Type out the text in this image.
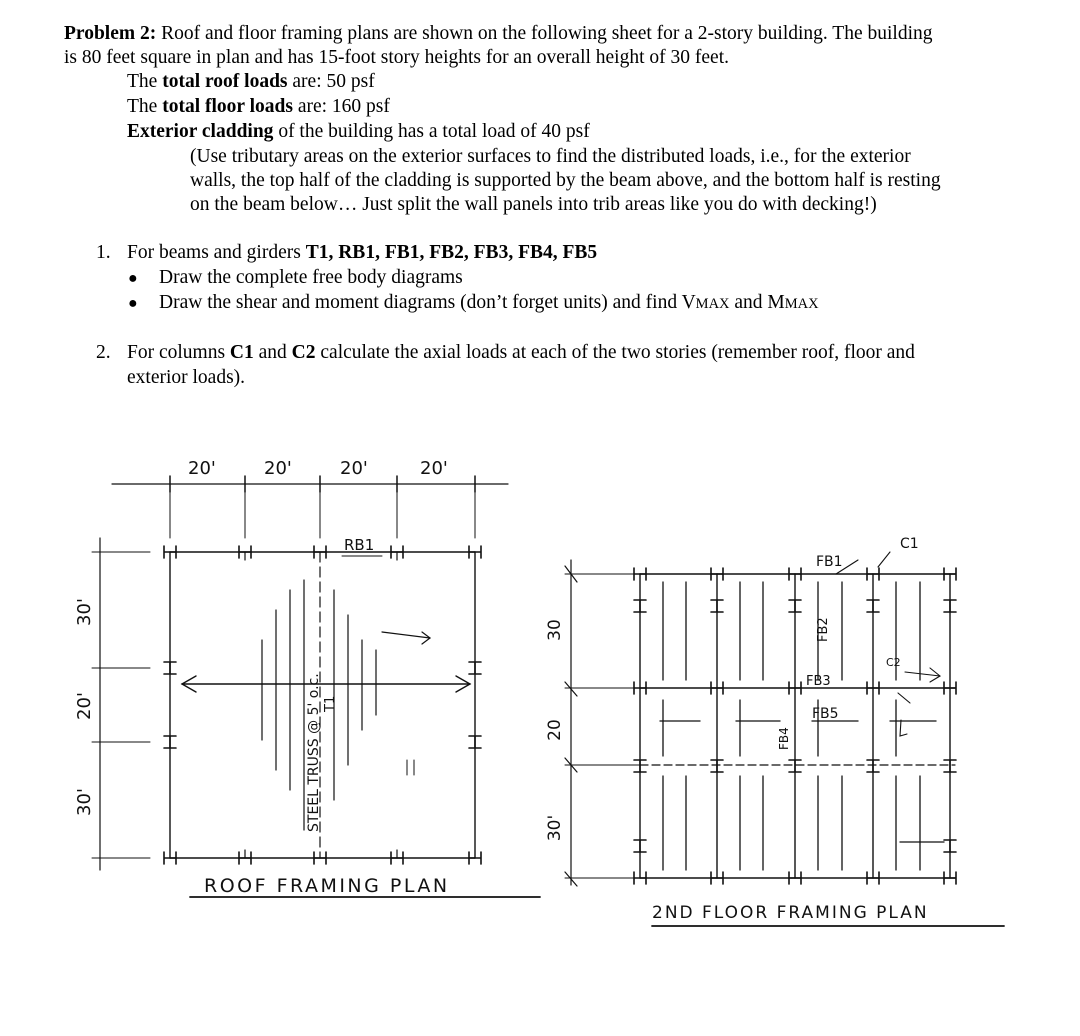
Problem 2: Roof and floor framing plans are shown on the following sheet for a 2-story building. The building
is 80 feet square in plan and has 15-foot story heights for an overall height of 30 feet.
The total roof loads are: 50 psf
The total floor loads are: 160 psf
Exterior cladding of the building has a total load of 40 psf
(Use tributary areas on the exterior surfaces to find the distributed loads, i.e., for the exterior
walls, the top half of the cladding is supported by the beam above, and the bottom half is resting
on the beam below… Just split the wall panels into trib areas like you do with decking!)
1. For beams and girders T1, RB1, FB1, FB2, FB3, FB4, FB5
● Draw the complete free body diagrams
● Draw the shear and moment diagrams (don’t forget units) and find VMAX and MMAX
2. For columns C1 and C2 calculate the axial loads at each of the two stories (remember roof, floor and
exterior loads).
20'	20'	20'	20'
30'
20'
30'
RB1
STEEL TRUSS @ 5' o.c. T1
ROOF FRAMING PLAN
30
20
30'
FB1
FB2
FB3
FB4
FB5
C1
C2
2ND FLOOR FRAMING PLAN
